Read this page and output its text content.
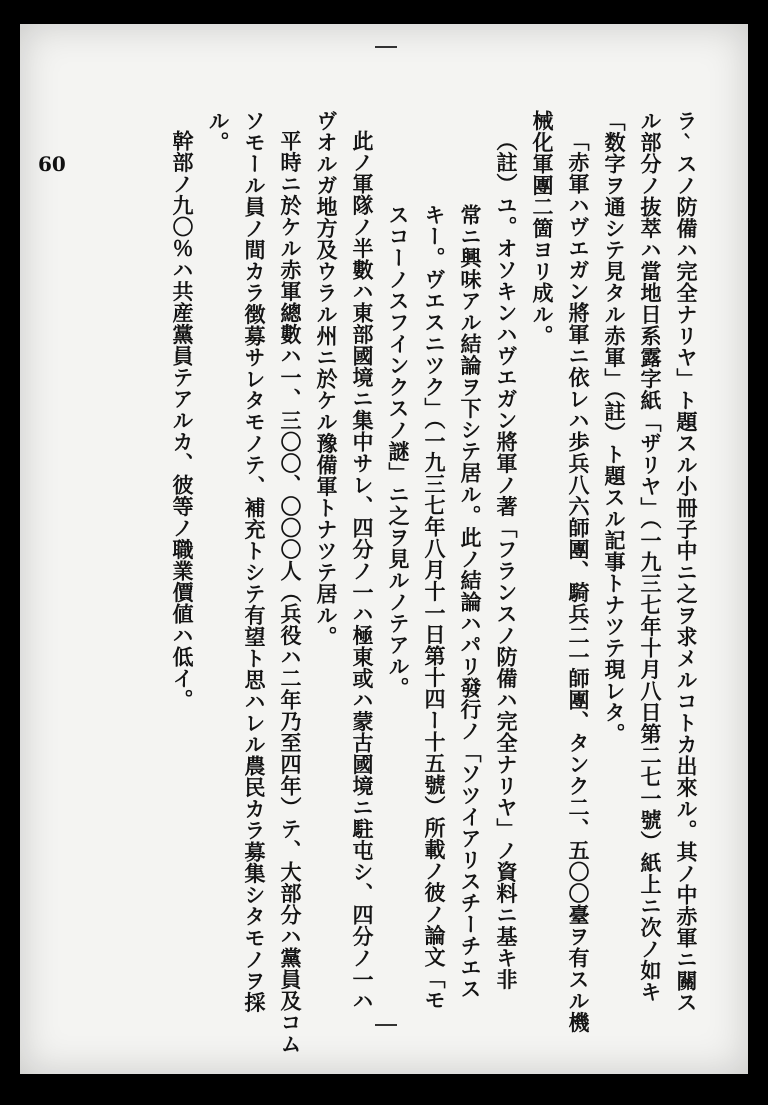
60	ラ｀スノ防備ハ完全ナリヤ」ト題スル小冊子中ニ之ヲ求メルコトカ出來ル。其ノ中赤軍ニ關ス
ル部分ノ抜萃ハ當地日系露字紙「ザリヤ」（一九三七年十月八日第二七一號）紙上ニ次ノ如キ
「数字ヲ通シテ見タル赤軍」（註）ト題スル記事トナツテ現レタ。
「赤軍ハヴエガン將軍ニ依レハ歩兵八六師團、騎兵二一師團、タンク二、五〇〇臺ヲ有スル機
械化軍團二箇ヨリ成ル。
（註）ユ。オソキンハヴエガン將軍ノ著「フランスノ防備ハ完全ナリヤ」ノ資料ニ基キ非
常ニ興味アル結論ヲ下シテ居ル。此ノ結論ハパリ發行ノ「ソツイアリスチーチエス
キー。ヴエスニツク」（一九三七年八月十一日第十四ー十五號）所載ノ彼ノ論文「モ
スコーノスフインクスノ謎」ニ之ヲ見ルノテアル。
此ノ軍隊ノ半數ハ東部國境ニ集中サレ、四分ノ一ハ極東或ハ蒙古國境ニ駐屯シ、四分ノ一ハ
ヴオルガ地方及ウラル州ニ於ケル豫備軍トナツテ居ル。
平時ニ於ケル赤軍總數ハ一、三〇〇、〇〇〇人（兵役ハ二年乃至四年）テ、大部分ハ黨員及コム
ソモール員ノ間カラ徴募サレタモノテ、補充トシテ有望ト思ハレル農民カラ募集シタモノヲ採
ル。
幹部ノ九〇％ハ共産黨員テアルカ、彼等ノ職業價値ハ低イ。
